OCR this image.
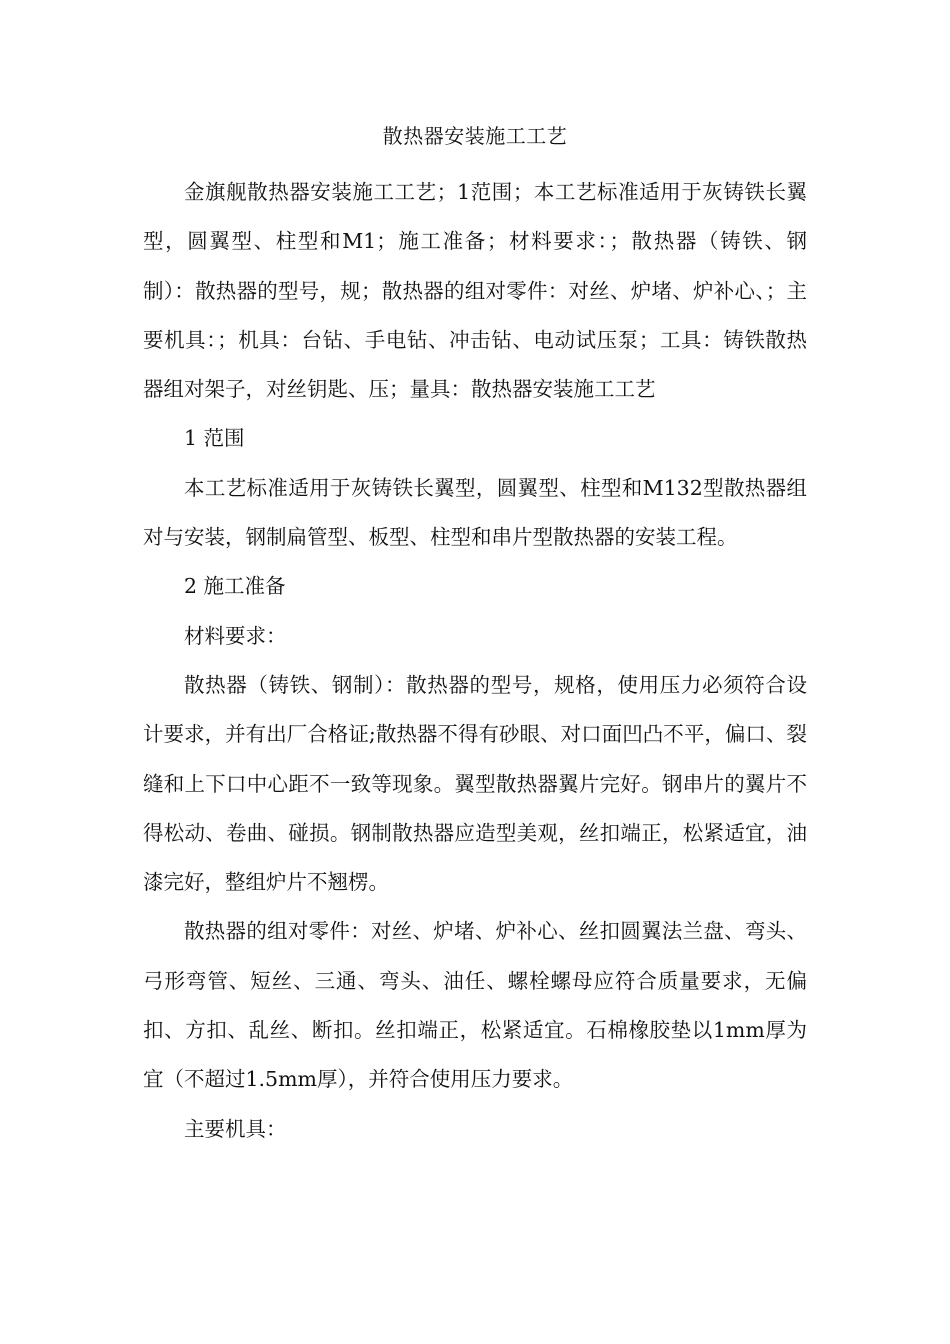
散热器安装施工工艺

金旗舰散热器安装施工工艺；1范围；本工艺标准适用于灰铸铁长翼型，圆翼型、柱型和M1；施工准备；材料要求：；散热器（铸铁、钢制）：散热器的型号，规；散热器的组对零件：对丝、炉堵、炉补心、；主要机具：；机具：台钻、手电钻、冲击钻、电动试压泵；工具：铸铁散热器组对架子，对丝钥匙、压；量具：散热器安装施工工艺

1 范围

本工艺标准适用于灰铸铁长翼型，圆翼型、柱型和M132型散热器组对与安装，钢制扁管型、板型、柱型和串片型散热器的安装工程。

2 施工准备

材料要求：

散热器（铸铁、钢制）：散热器的型号，规格，使用压力必须符合设计要求，并有出厂合格证;散热器不得有砂眼、对口面凹凸不平，偏口、裂缝和上下口中心距不一致等现象。翼型散热器翼片完好。钢串片的翼片不得松动、卷曲、碰损。钢制散热器应造型美观，丝扣端正，松紧适宜，油漆完好，整组炉片不翘楞。

散热器的组对零件：对丝、炉堵、炉补心、丝扣圆翼法兰盘、弯头、弓形弯管、短丝、三通、弯头、油任、螺栓螺母应符合质量要求，无偏扣、方扣、乱丝、断扣。丝扣端正，松紧适宜。石棉橡胶垫以1mm厚为宜（不超过1.5mm厚），并符合使用压力要求。

主要机具：
